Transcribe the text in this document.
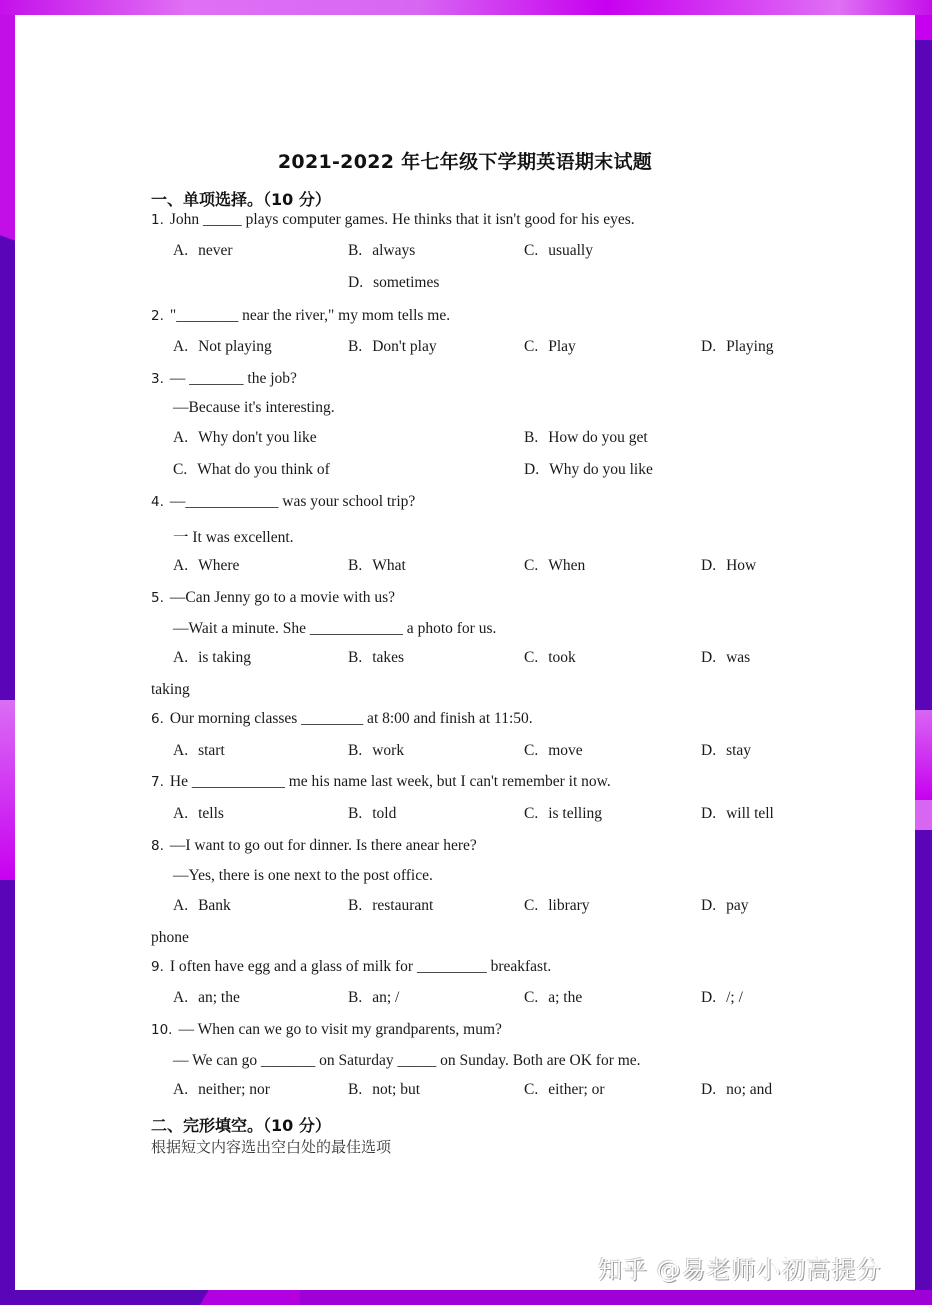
2021-2022 年七年级下学期英语期末试题
一、单项选择。（10 分）
1. John _____ plays computer games. He thinks that it isn't good for his eyes.
A. never	B. always	C. usually
D. sometimes
2. "________ near the river," my mom tells me.
A. Not playing	B. Don't play	C. Play	D. Playing
3. — _______ the job?
—Because it's interesting.
A. Why don't you like	B. How do you get
C. What do you think of	D. Why do you like
4. —____________ was your school trip?
一 It was excellent.
A. Where	B. What	C. When	D. How
5. —Can Jenny go to a movie with us?
—Wait a minute. She ____________ a photo for us.
A. is taking	B. takes	C. took	D. was
taking
6. Our morning classes ________ at 8:00 and finish at 11:50.
A. start	B. work	C. move	D. stay
7. He ____________ me his name last week, but I can't remember it now.
A. tells	B. told	C. is telling	D. will tell
8. —I want to go out for dinner. Is there anear here?
—Yes, there is one next to the post office.
A. Bank	B. restaurant	C. library	D. pay
phone
9. I often have egg and a glass of milk for _________ breakfast.
A. an; the	B. an; /	C. a; the	D. /; /
10. — When can we go to visit my grandparents, mum?
— We can go _______ on Saturday _____ on Sunday. Both are OK for me.
A. neither; nor	B. not; but	C. either; or	D. no; and
二、完形填空。（10 分）
根据短文内容选出空白处的最佳选项
知乎 @易老师小初高提分
